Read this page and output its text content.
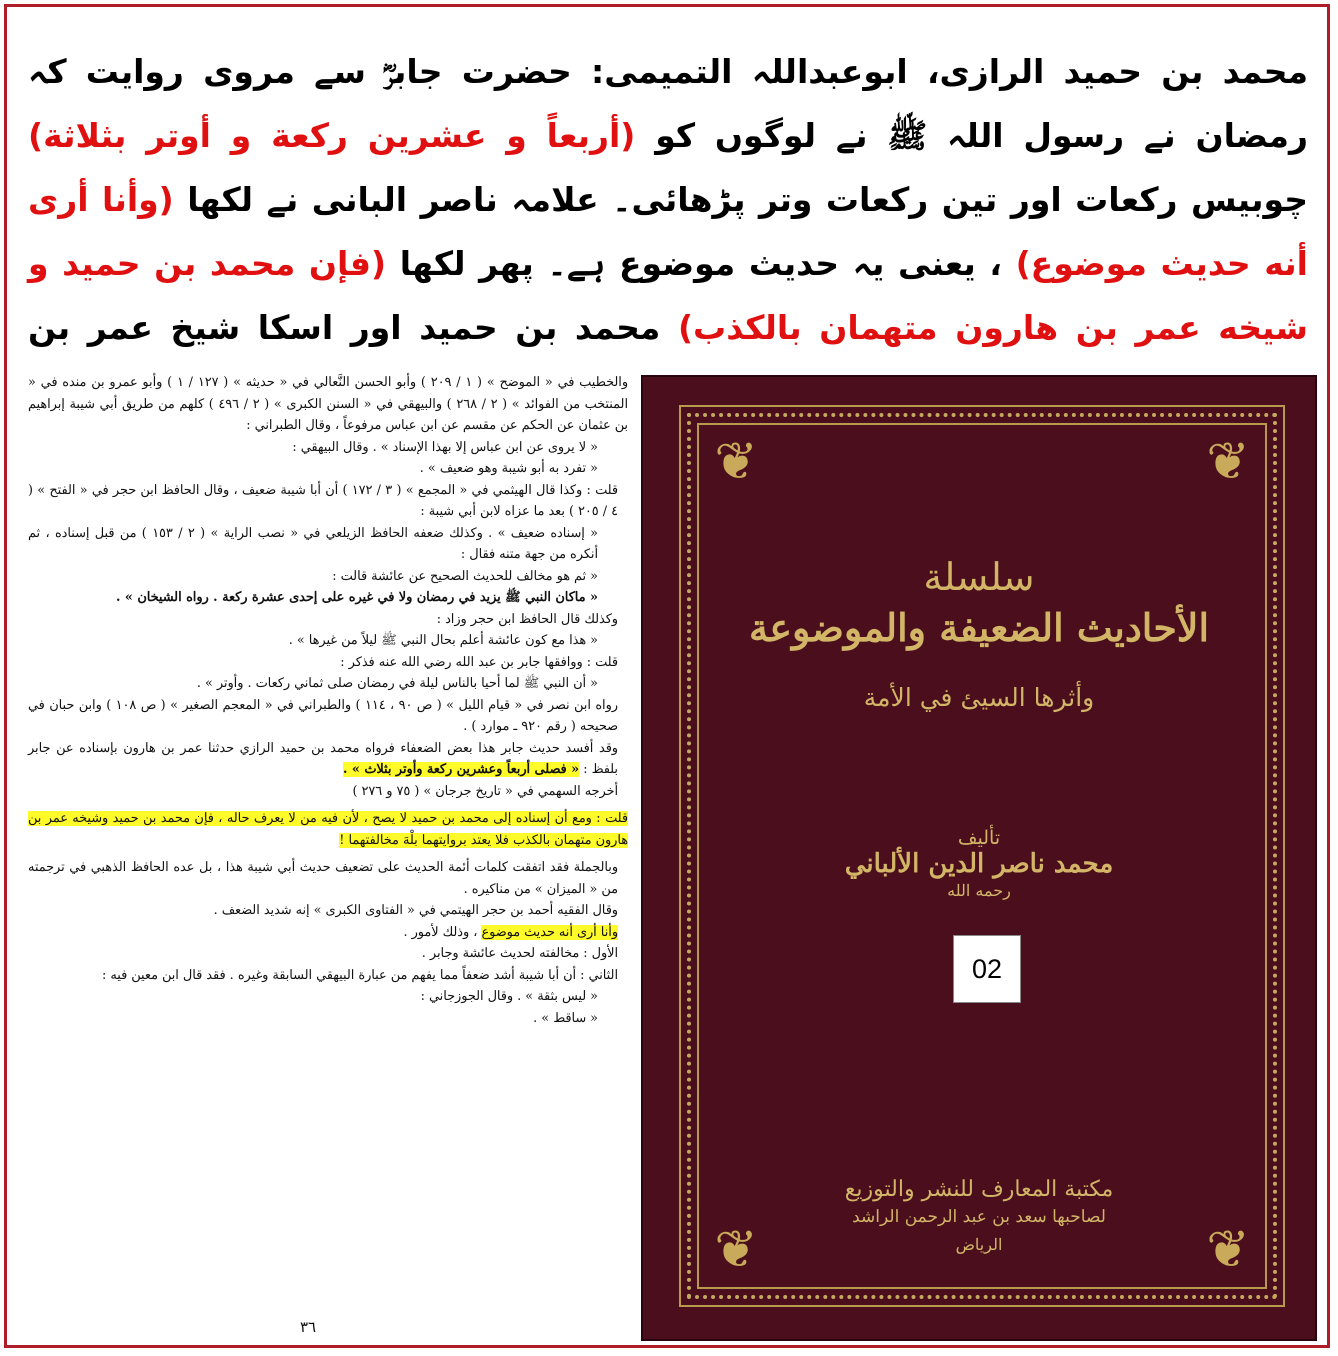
محمد بن حمید الرازی، ابوعبداللہ التمیمی: حضرت جابرؓ سے مروی روایت کہ رمضان نے رسول اللہ ﷺ نے لوگوں کو (أربعاً و عشرين ركعة و أوتر بثلاثة) چوبیس رکعات اور تین رکعات وتر پڑھائی۔ علامہ ناصر البانی نے لکھا (وأنا أرى أنه حديث موضوع) ، یعنی یہ حدیث موضوع ہے۔ پھر لکھا (فإن محمد بن حميد و شيخه عمر بن هارون متهمان بالكذب) محمد بن حمید اور اسکا شیخ عمر بن

والخطيب في « الموضح » ( ١ / ٢٠٩ ) وأبو الحسن النَّعالي في « حديثه » ( ١٢٧ / ١ ) وأبو عمرو بن منده في « المنتخب من الفوائد » ( ٢ / ٢٦٨ ) والبيهقي في « السنن الكبرى » ( ٢ / ٤٩٦ ) كلهم من طريق أبي شيبة إبراهيم بن عثمان عن الحكم عن مقسم عن ابن عباس مرفوعاً ، وقال الطبراني :

« لا يروى عن ابن عباس إلا بهذا الإسناد » . وقال البيهقي :

« تفرد به أبو شيبة وهو ضعيف » .

قلت : وكذا قال الهيثمي في « المجمع » ( ٣ / ١٧٢ ) أن أبا شيبة ضعيف ، وقال الحافظ ابن حجر في « الفتح » ( ٤ / ٢٠٥ ) بعد ما عزاه لابن أبي شيبة :

« إسناده ضعيف » . وكذلك ضعفه الحافظ الزيلعي في « نصب الراية » ( ٢ / ١٥٣ ) من قبل إسناده ، ثم أنكره من جهة متنه فقال :

« ثم هو مخالف للحديث الصحيح عن عائشة قالت :

« ماكان النبي ﷺ يزيد في رمضان ولا في غيره على إحدى عشرة ركعة . رواه الشيخان » .

وكذلك قال الحافظ ابن حجر وزاد :

« هذا مع كون عائشة أعلم بحال النبي ﷺ ليلاً من غيرها » .

قلت : ووافقها جابر بن عبد الله رضي الله عنه فذكر :

« أن النبي ﷺ لما أحيا بالناس ليلة في رمضان صلى ثماني ركعات . وأوتر » .

رواه ابن نصر في « قيام الليل » ( ص ٩٠ ، ١١٤ ) والطبراني في « المعجم الصغير » ( ص ١٠٨ ) وابن حبان في صحيحه ( رقم ٩٢٠ ـ موارد ) .

وقد أفسد حديث جابر هذا بعض الضعفاء فرواه محمد بن حميد الرازي حدثنا عمر بن هارون بإسناده عن جابر بلفظ : « فصلى أربعاً وعشرين ركعة وأوتر بثلاث » .

أخرجه السهمي في « تاريخ جرجان » ( ٧٥ و ٢٧٦ )

قلت : ومع أن إسناده إلى محمد بن حميد لا يصح ، لأن فيه من لا يعرف حاله ، فإن محمد بن حميد وشيخه عمر بن هارون متهمان بالكذب فلا يعتد بروايتهما بلْهَ مخالفتهما !

وبالجملة فقد اتفقت كلمات أئمة الحديث على تضعيف حديث أبي شيبة هذا ، بل عده الحافظ الذهبي في ترجمته من « الميزان » من مناكيره .

وقال الفقيه أحمد بن حجر الهيتمي في « الفتاوى الكبرى » إنه شديد الضعف .

وأنا أرى أنه حديث موضوع ، وذلك لأمور .

الأول : مخالفته لحديث عائشة وجابر .

الثاني : أن أبا شيبة أشد ضعفاً مما يفهم من عبارة البيهقي السابقة وغيره . فقد قال ابن معين فيه :

« ليس بثقة » . وقال الجوزجاني :

« ساقط » .

٣٦
❦	❦
❦	❦
سلسلة
الأحاديث الضعيفة والموضوعة
وأثرها السيئ في الأمة
تأليف
محمد ناصر الدين الألباني
رحمه الله
02
مكتبة المعارف للنشر والتوزيع
لصاحبها سعد بن عبد الرحمن الراشد
الرياض
